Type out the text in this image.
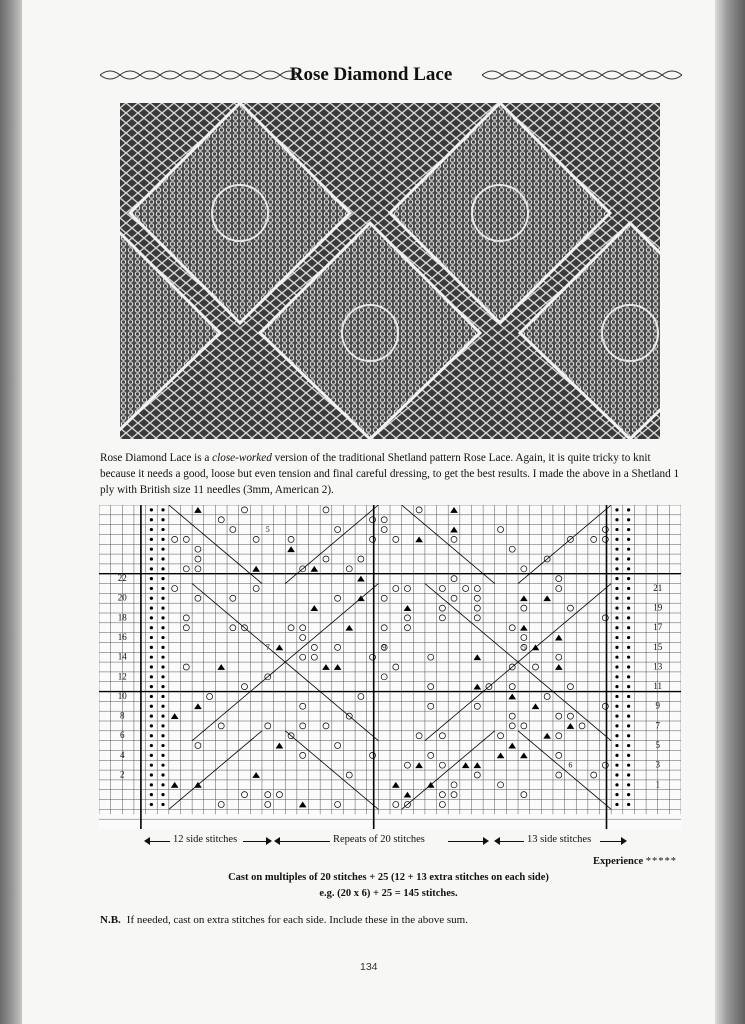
Rose Diamond Lace
Rose Diamond Lace is a close-worked version of the traditional Shetland pattern Rose Lace. Again, it is quite tricky to knit because it needs a good, loose but even tension and final careful dressing, to get the best results. I made the above in a Shetland 1 ply with British size 11 needles (3mm, American 2).
22
20
18
16
14
12
10
8
6
4
2
21
19
17
15
13
11
9
7
5
3
1
5
7	9	5
6
12 side stitches	Repeats of 20 stitches	13 side stitches
Experience *****
Cast on multiples of 20 stitches + 25 (12 + 13 extra stitches on each side)
e.g. (20 x 6) + 25 = 145 stitches.
N.B. If needed, cast on extra stitches for each side. Include these in the above sum.
134
